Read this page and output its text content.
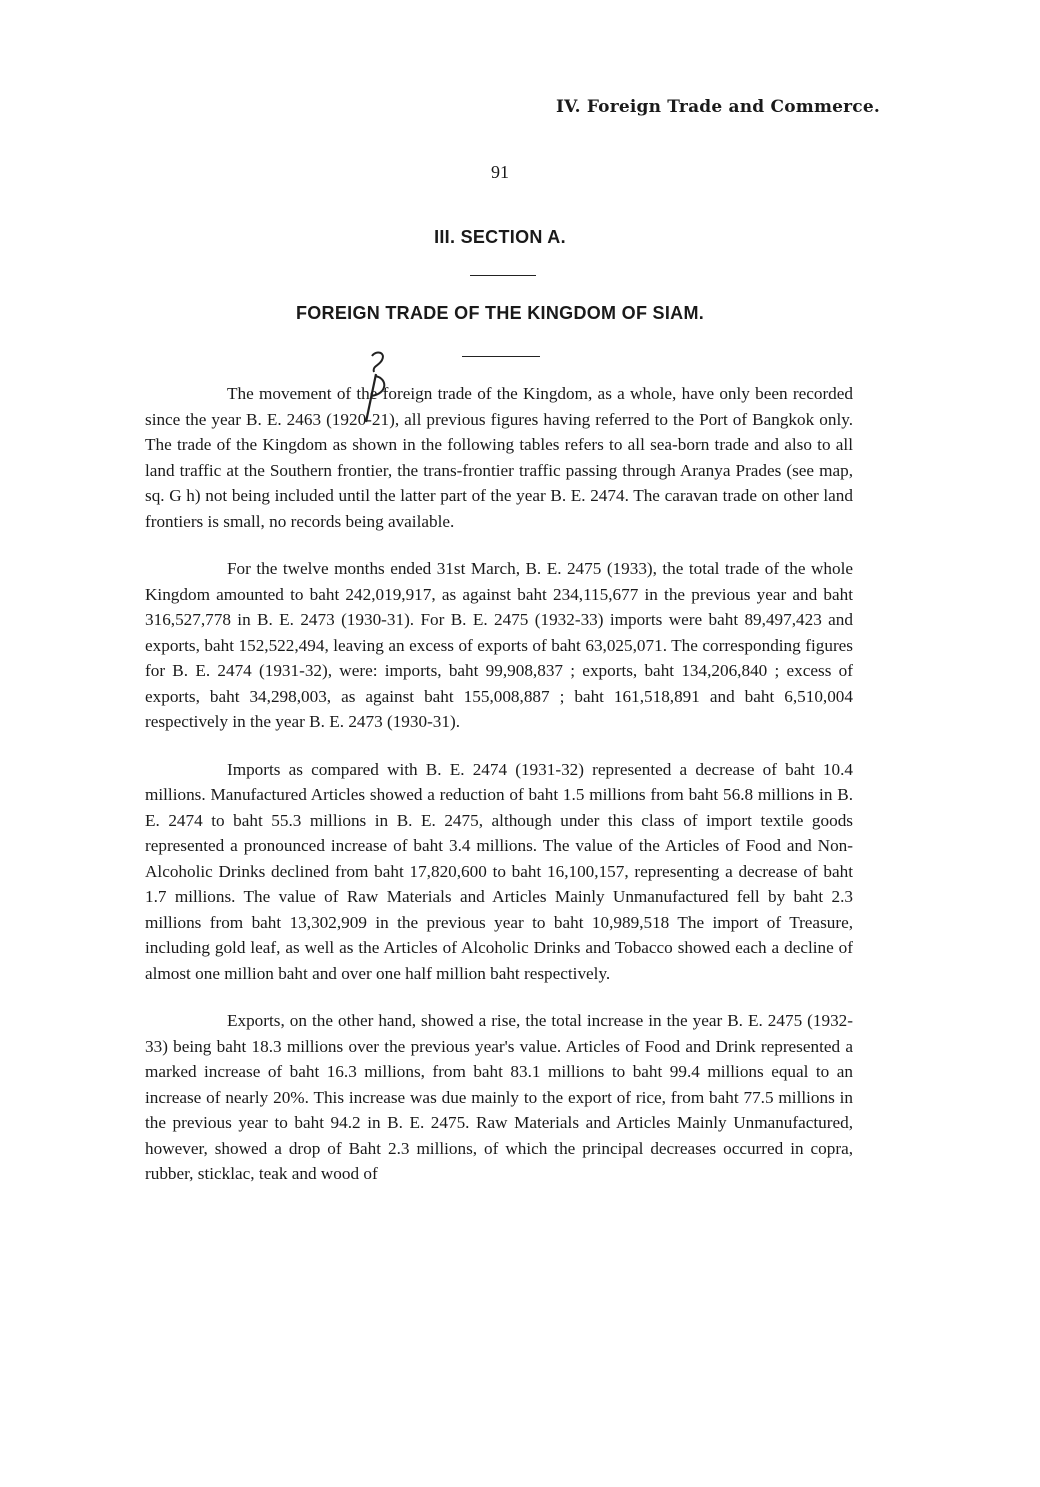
IV. Foreign Trade and Commerce.
91
III. SECTION A.
FOREIGN TRADE OF THE KINGDOM OF SIAM.

The movement of the foreign trade of the Kingdom, as a whole, have only been recorded since the year B. E. 2463 (1920-21), all previous figures having referred to the Port of Bangkok only. The trade of the Kingdom as shown in the following tables refers to all sea-born trade and also to all land traffic at the Southern frontier, the trans-frontier traffic passing through Aranya Prades (see map, sq. G h) not being included until the latter part of the year B. E. 2474. The caravan trade on other land frontiers is small, no records being available.

For the twelve months ended 31st March, B. E. 2475 (1933), the total trade of the whole Kingdom amounted to baht 242,019,917, as against baht 234,115,677 in the previous year and baht 316,527,778 in B. E. 2473 (1930-31). For B. E. 2475 (1932-33) imports were baht 89,497,423 and exports, baht 152,522,494, leaving an excess of exports of baht 63,025,071. The corresponding figures for B. E. 2474 (1931-32), were: imports, baht 99,908,837 ; exports, baht 134,206,840 ; excess of exports, baht 34,298,003, as against baht 155,008,887 ; baht 161,518,891 and baht 6,510,004 respectively in the year B. E. 2473 (1930-31).

Imports as compared with B. E. 2474 (1931-32) represented a decrease of baht 10.4 millions. Manufactured Articles showed a reduction of baht 1.5 millions from baht 56.8 millions in B. E. 2474 to baht 55.3 millions in B. E. 2475, although under this class of import textile goods represented a pronounced increase of baht 3.4 millions. The value of the Articles of Food and Non-Alcoholic Drinks declined from baht 17,820,600 to baht 16,100,157, representing a decrease of baht 1.7 millions. The value of Raw Materials and Articles Mainly Unmanufactured fell by baht 2.3 millions from baht 13,302,909 in the previous year to baht 10,989,518 The import of Treasure, including gold leaf, as well as the Articles of Alcoholic Drinks and Tobacco showed each a decline of almost one million baht and over one half million baht respectively.

Exports, on the other hand, showed a rise, the total increase in the year B. E. 2475 (1932-33) being baht 18.3 millions over the previous year's value. Articles of Food and Drink represented a marked increase of baht 16.3 millions, from baht 83.1 millions to baht 99.4 millions equal to an increase of nearly 20%. This increase was due mainly to the export of rice, from baht 77.5 millions in the previous year to baht 94.2 in B. E. 2475. Raw Materials and Articles Mainly Unmanufactured, however, showed a drop of Baht 2.3 millions, of which the principal decreases occurred in copra, rubber, sticklac, teak and wood of
